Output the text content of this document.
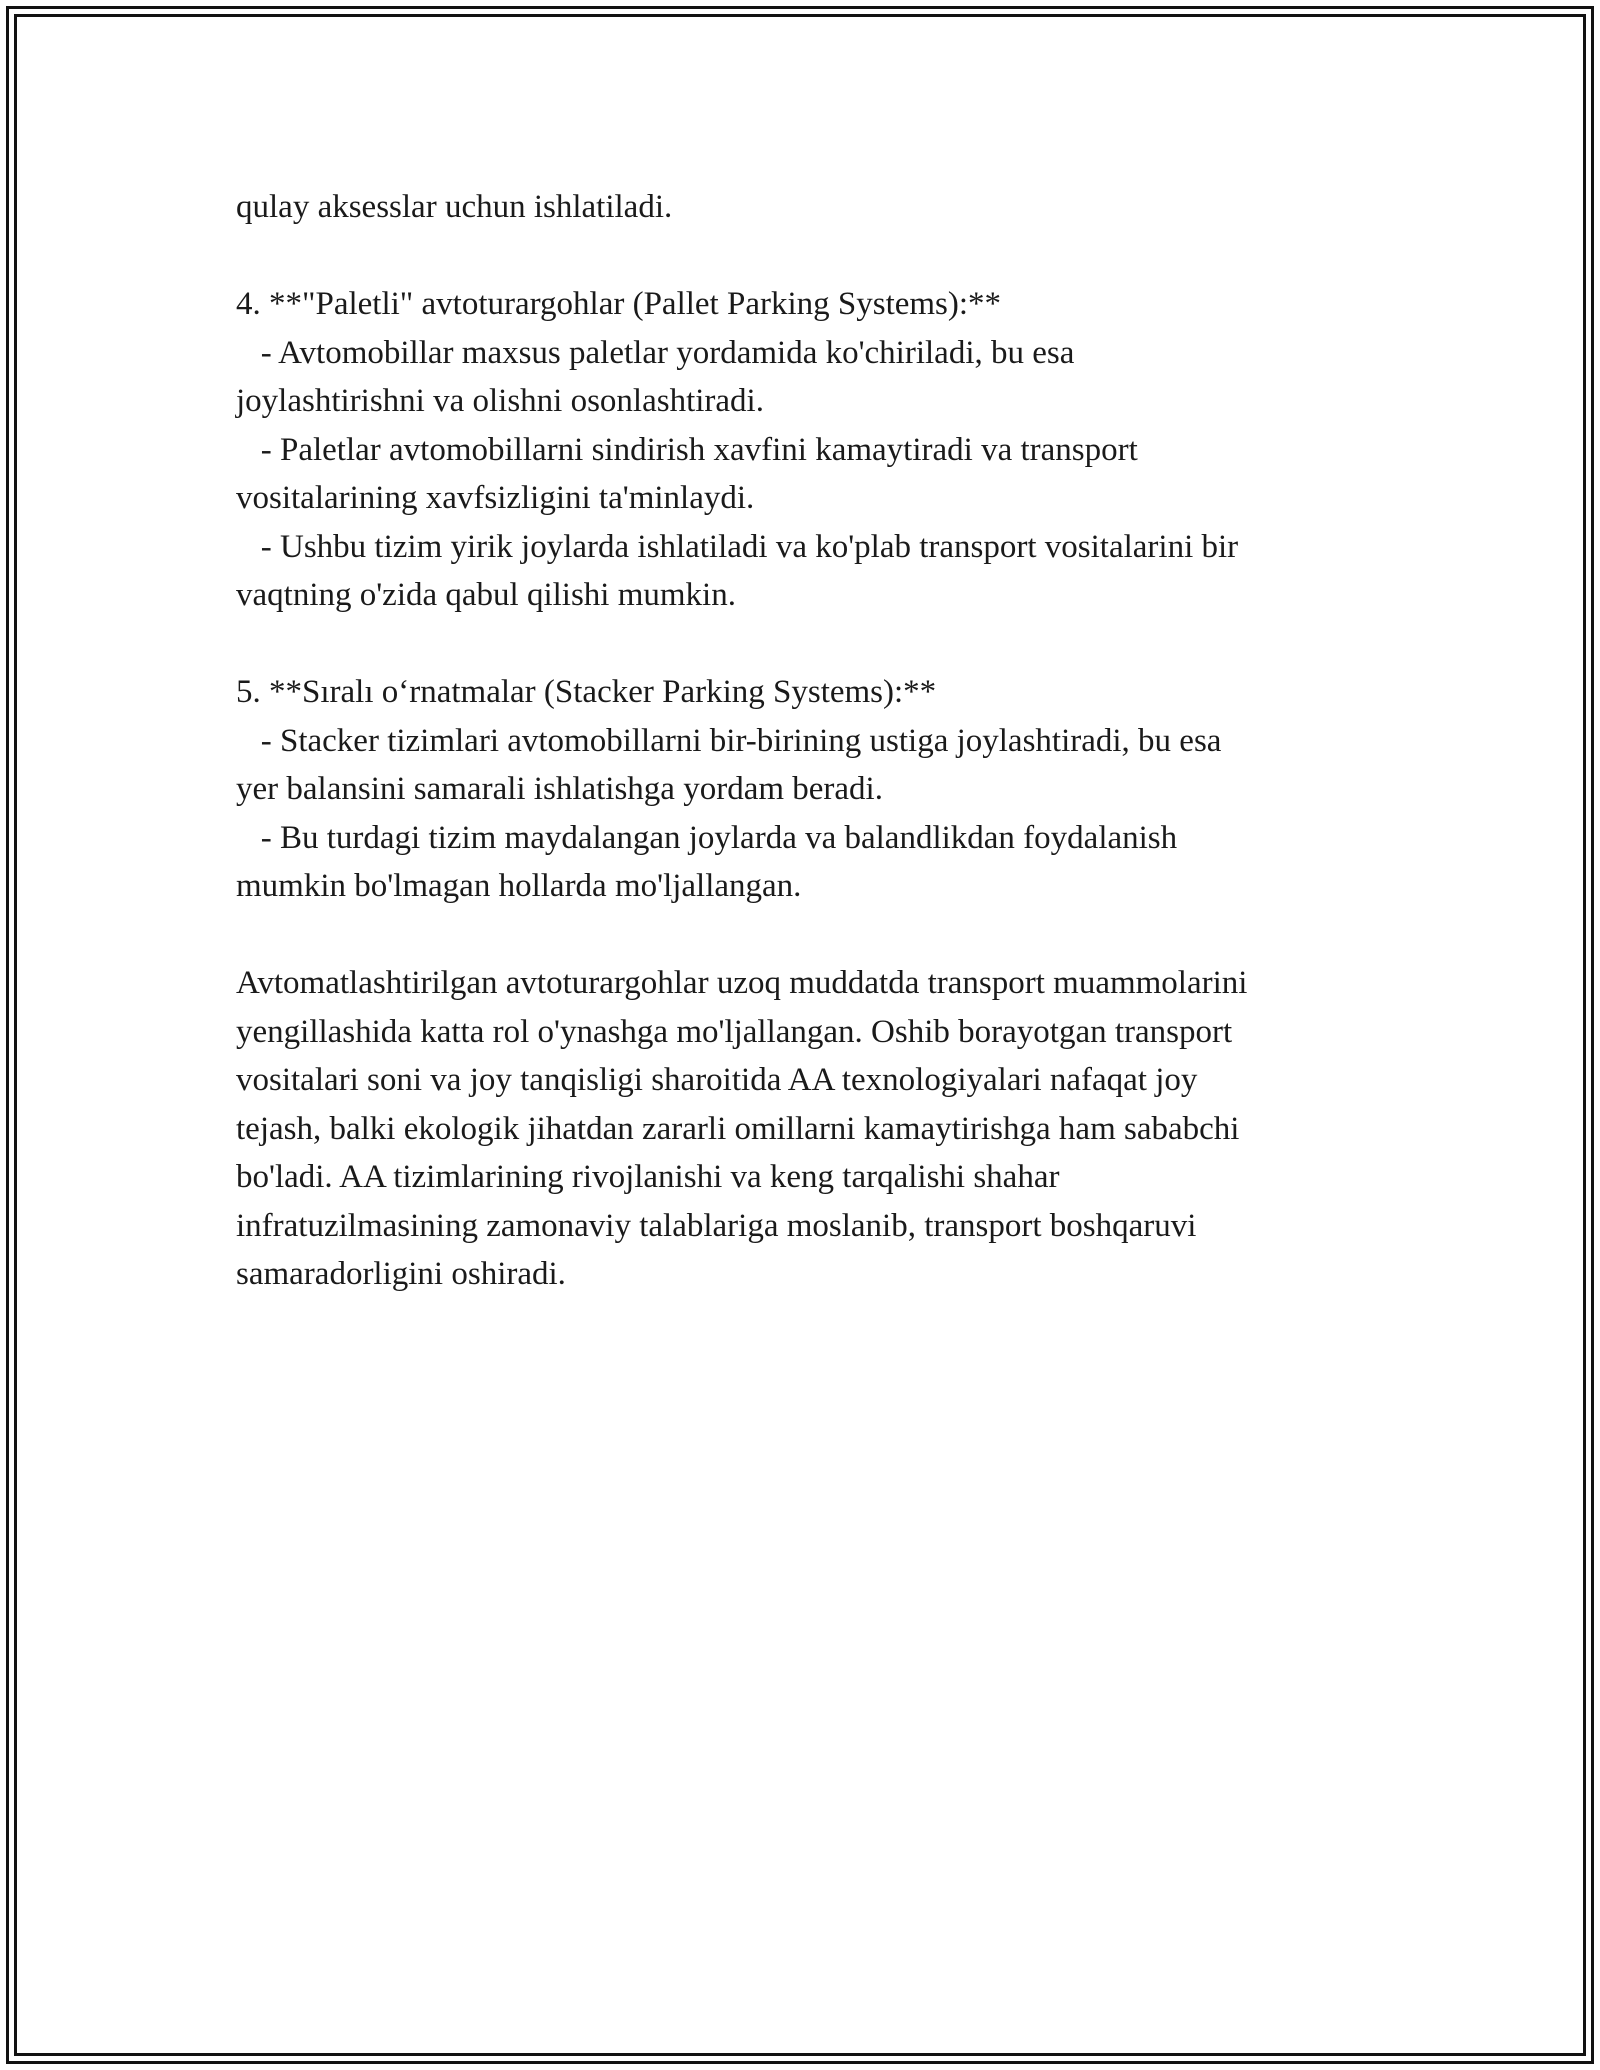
qulay aksesslar uchun ishlatiladi.
4. **"Paletli" avtoturargohlar (Pallet Parking Systems):**
- Avtomobillar maxsus paletlar yordamida ko'chiriladi, bu esa
joylashtirishni va olishni osonlashtiradi.
- Paletlar avtomobillarni sindirish xavfini kamaytiradi va transport
vositalarining xavfsizligini ta'minlaydi.
- Ushbu tizim yirik joylarda ishlatiladi va ko'plab transport vositalarini bir
vaqtning o'zida qabul qilishi mumkin.
5. **Sıralı o‘rnatmalar (Stacker Parking Systems):**
- Stacker tizimlari avtomobillarni bir-birining ustiga joylashtiradi, bu esa
yer balansini samarali ishlatishga yordam beradi.
- Bu turdagi tizim maydalangan joylarda va balandlikdan foydalanish
mumkin bo'lmagan hollarda mo'ljallangan.
Avtomatlashtirilgan avtoturargohlar uzoq muddatda transport muammolarini
yengillashida katta rol o'ynashga mo'ljallangan. Oshib borayotgan transport
vositalari soni va joy tanqisligi sharoitida AA texnologiyalari nafaqat joy
tejash, balki ekologik jihatdan zararli omillarni kamaytirishga ham sababchi
bo'ladi. AA tizimlarining rivojlanishi va keng tarqalishi shahar
infratuzilmasining zamonaviy talablariga moslanib, transport boshqaruvi
samaradorligini oshiradi.
